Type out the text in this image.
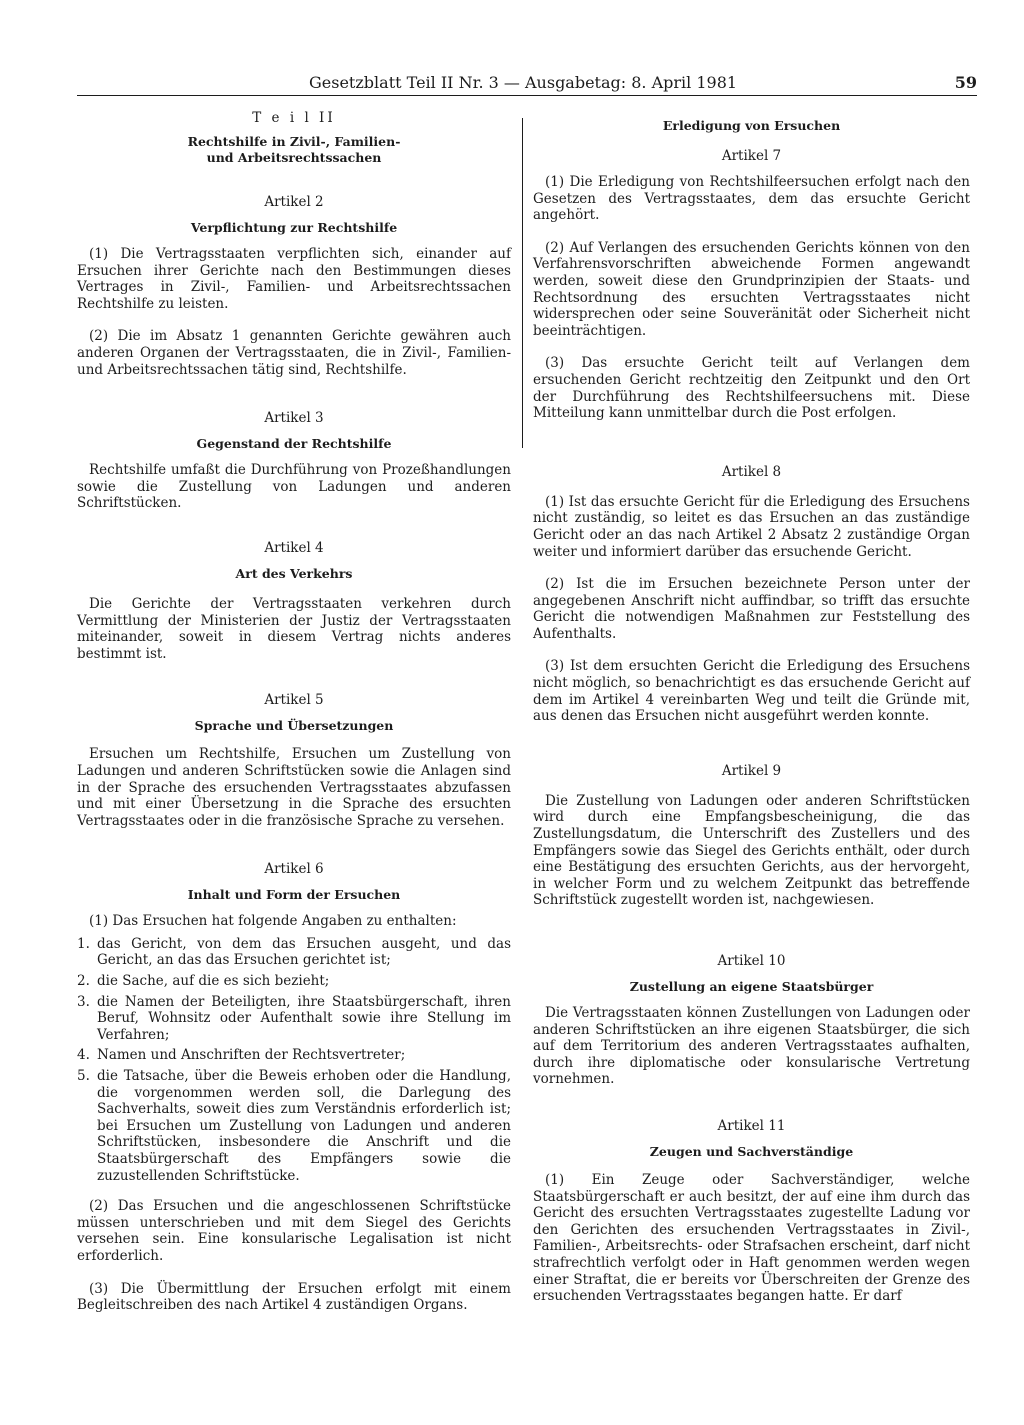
Gesetzblatt Teil II Nr. 3 — Ausgabetag: 8. April 1981	59

T e i l II

Rechtshilfe in Zivil-, Familien-

und Arbeitsrechtssachen

Artikel 2

Verpflichtung zur Rechtshilfe

(1) Die Vertragsstaaten verpflichten sich, einander auf Ersuchen ihrer Gerichte nach den Bestimmungen dieses Vertrages in Zivil-, Familien- und Arbeitsrechtssachen Rechtshilfe zu leisten.

(2) Die im Absatz 1 genannten Gerichte gewähren auch anderen Organen der Vertragsstaaten, die in Zivil-, Familien- und Arbeitsrechtssachen tätig sind, Rechtshilfe.

Artikel 3

Gegenstand der Rechtshilfe

Rechtshilfe umfaßt die Durchführung von Prozeßhandlungen sowie die Zustellung von Ladungen und anderen Schriftstücken.

Artikel 4

Art des Verkehrs

Die Gerichte der Vertragsstaaten verkehren durch Vermittlung der Ministerien der Justiz der Vertragsstaaten miteinander, soweit in diesem Vertrag nichts anderes bestimmt ist.

Artikel 5

Sprache und Übersetzungen

Ersuchen um Rechtshilfe, Ersuchen um Zustellung von Ladungen und anderen Schriftstücken sowie die Anlagen sind in der Sprache des ersuchenden Vertragsstaates abzufassen und mit einer Übersetzung in die Sprache des ersuchten Vertragsstaates oder in die französische Sprache zu versehen.

Artikel 6

Inhalt und Form der Ersuchen

(1) Das Ersuchen hat folgende Angaben zu enthalten:

1. das Gericht, von dem das Ersuchen ausgeht, und das Gericht, an das das Ersuchen gerichtet ist;
2. die Sache, auf die es sich bezieht;
3. die Namen der Beteiligten, ihre Staatsbürgerschaft, ihren Beruf, Wohnsitz oder Aufenthalt sowie ihre Stellung im Verfahren;
4. Namen und Anschriften der Rechtsvertreter;
5. die Tatsache, über die Beweis erhoben oder die Handlung, die vorgenommen werden soll, die Darlegung des Sachverhalts, soweit dies zum Verständnis erforderlich ist; bei Ersuchen um Zustellung von Ladungen und anderen Schriftstücken, insbesondere die Anschrift und die Staatsbürgerschaft des Empfängers sowie die zuzustellenden Schriftstücke.

(2) Das Ersuchen und die angeschlossenen Schriftstücke müssen unterschrieben und mit dem Siegel des Gerichts versehen sein. Eine konsularische Legalisation ist nicht erforderlich.

(3) Die Übermittlung der Ersuchen erfolgt mit einem Begleitschreiben des nach Artikel 4 zuständigen Organs.

Erledigung von Ersuchen

Artikel 7

(1) Die Erledigung von Rechtshilfeersuchen erfolgt nach den Gesetzen des Vertragsstaates, dem das ersuchte Gericht angehört.

(2) Auf Verlangen des ersuchenden Gerichts können von den Verfahrensvorschriften abweichende Formen angewandt werden, soweit diese den Grundprinzipien der Staats- und Rechtsordnung des ersuchten Vertragsstaates nicht widersprechen oder seine Souveränität oder Sicherheit nicht beeinträchtigen.

(3) Das ersuchte Gericht teilt auf Verlangen dem ersuchenden Gericht rechtzeitig den Zeitpunkt und den Ort der Durchführung des Rechtshilfeersuchens mit. Diese Mitteilung kann unmittelbar durch die Post erfolgen.

Artikel 8

(1) Ist das ersuchte Gericht für die Erledigung des Ersuchens nicht zuständig, so leitet es das Ersuchen an das zuständige Gericht oder an das nach Artikel 2 Absatz 2 zuständige Organ weiter und informiert darüber das ersuchende Gericht.

(2) Ist die im Ersuchen bezeichnete Person unter der angegebenen Anschrift nicht auffindbar, so trifft das ersuchte Gericht die notwendigen Maßnahmen zur Feststellung des Aufenthalts.

(3) Ist dem ersuchten Gericht die Erledigung des Ersuchens nicht möglich, so benachrichtigt es das ersuchende Gericht auf dem im Artikel 4 vereinbarten Weg und teilt die Gründe mit, aus denen das Ersuchen nicht ausgeführt werden konnte.

Artikel 9

Die Zustellung von Ladungen oder anderen Schriftstücken wird durch eine Empfangsbescheinigung, die das Zustellungsdatum, die Unterschrift des Zustellers und des Empfängers sowie das Siegel des Gerichts enthält, oder durch eine Bestätigung des ersuchten Gerichts, aus der hervorgeht, in welcher Form und zu welchem Zeitpunkt das betreffende Schriftstück zugestellt worden ist, nachgewiesen.

Artikel 10

Zustellung an eigene Staatsbürger

Die Vertragsstaaten können Zustellungen von Ladungen oder anderen Schriftstücken an ihre eigenen Staatsbürger, die sich auf dem Territorium des anderen Vertragsstaates aufhalten, durch ihre diplomatische oder konsularische Vertretung vornehmen.

Artikel 11

Zeugen und Sachverständige

(1) Ein Zeuge oder Sachverständiger, welche Staatsbürgerschaft er auch besitzt, der auf eine ihm durch das Gericht des ersuchten Vertragsstaates zugestellte Ladung vor den Gerichten des ersuchenden Vertragsstaates in Zivil-, Familien-, Arbeitsrechts- oder Strafsachen erscheint, darf nicht strafrechtlich verfolgt oder in Haft genommen werden wegen einer Straftat, die er bereits vor Überschreiten der Grenze des ersuchenden Vertragsstaates begangen hatte. Er darf
